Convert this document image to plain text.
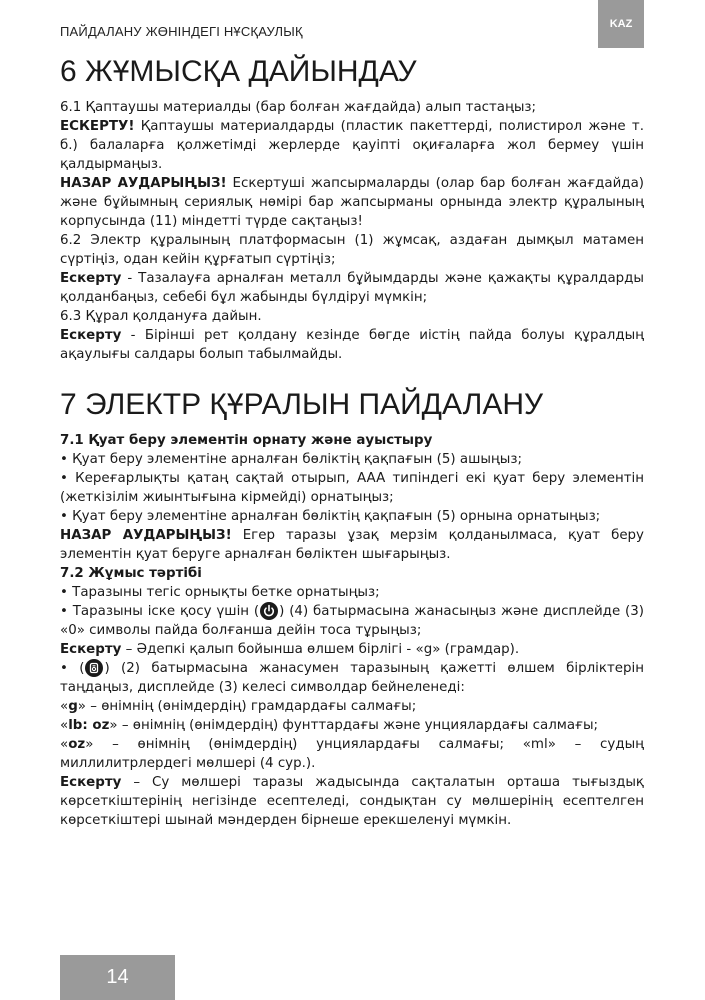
ПАЙДАЛАНУ ЖӨНІНДЕГІ НҰСҚАУЛЫҚ	KAZ
6 ЖҰМЫСҚА ДАЙЫНДАУ

6.1 Қаптаушы материалды (бар болған жағдайда) алып тастаңыз;

ЕСКЕРТУ! Қаптаушы материалдарды (пластик пакеттерді, полистирол және т. б.) балаларға қолжетімді жерлерде қауіпті оқиғаларға жол бермеу үшін қалдырмаңыз.

НАЗАР АУДАРЫҢЫЗ! Ескертуші жапсырмаларды (олар бар болған жағдайда) және бұйымның сериялық нөмірі бар жапсырманы орнында электр құралының корпусында (11) міндетті түрде сақтаңыз!

6.2 Электр құралының платформасын (1) жұмсақ, аздаған дымқыл матамен сүртіңіз, одан кейін құрғатып сүртіңіз;

Ескерту - Тазалауға арналған металл бұйымдарды және қажақты құралдарды қолданбаңыз, себебі бұл жабынды бүлдіруі мүмкін;

6.3 Құрал қолдануға дайын.

Ескерту - Бірінші рет қолдану кезінде бөгде иістің пайда болуы құралдың ақаулығы салдары болып табылмайды.

7 ЭЛЕКТР ҚҰРАЛЫН ПАЙДАЛАНУ

7.1 Қуат беру элементін орнату және ауыстыру

• Қуат беру элементіне арналған бөліктің қақпағын (5) ашыңыз;

• Кереғарлықты қатаң сақтай отырып, AAA типіндегі екі қуат беру элементін (жеткізілім жиынтығына кірмейді) орнатыңыз;

• Қуат беру элементіне арналған бөліктің қақпағын (5) орнына орнатыңыз;

НАЗАР АУДАРЫҢЫЗ! Егер таразы ұзақ мерзім қолданылмаса, қуат беру элементін қуат беруге арналған бөліктен шығарыңыз.

7.2 Жұмыс тәртібі

• Таразыны тегіс орнықты бетке орнатыңыз;

• Таразыны іске қосу үшін ( ) (4) батырмасына жанасыңыз және дисплейде (3) «0» символы пайда болғанша дейін тоса тұрыңыз;

Ескерту – Әдепкі қалып бойынша өлшем бірлігі - «g» (грамдар).

• ( ) (2) батырмасына жанасумен таразының қажетті өлшем бірліктерін таңдаңыз, дисплейде (3) келесі символдар бейнеленеді:

«g» – өнімнің (өнімдердің) грамдардағы салмағы;

«lb: oz» – өнімнің (өнімдердің) фунттардағы және унциялардағы салмағы;

«oz» – өнімнің (өнімдердің) унциялардағы салмағы; «ml» – судың миллилитрлердегі мөлшері (4 сур.).

Ескерту – Су мөлшері таразы жадысында сақталатын орташа тығыздық көрсеткіштерінің негізінде есептеледі, сондықтан су мөлшерінің есептелген көрсеткіштері шынай мәндерден бірнеше ерекшеленуі мүмкін.

14
